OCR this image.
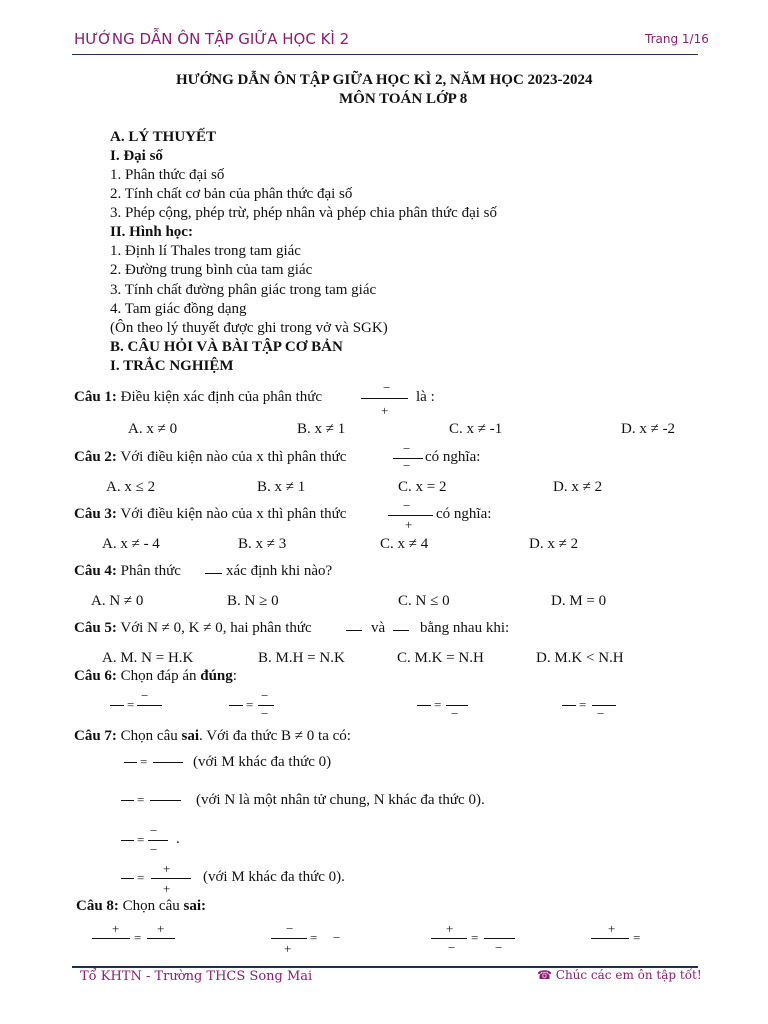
HƯỚNG DẪN ÔN TẬP GIỮA HỌC KÌ 2	Trang 1/16
HƯỚNG DẪN ÔN TẬP GIỮA HỌC KÌ 2, NĂM HỌC 2023-2024
MÔN TOÁN LỚP 8
A. LÝ THUYẾT
I. Đại số
1. Phân thức đại số
2. Tính chất cơ bản của phân thức đại số
3. Phép cộng, phép trừ, phép nhân và phép chia phân thức đại số
II. Hình học:
1. Định lí Thales trong tam giác
2. Đường trung bình của tam giác
3. Tính chất đường phân giác trong tam giác
4. Tam giác đồng dạng
(Ôn theo lý thuyết được ghi trong vở và SGK)
B. CÂU HỎI VÀ BÀI TẬP CƠ BẢN
I. TRẮC NGHIỆM
Câu 1: Điều kiện xác định của phân thức
−
+
là :
A. x ≠ 0	B. x ≠ 1	C. x ≠ -1	D. x ≠ -2
Câu 2: Với điều kiện nào của x thì phân thức
−
−
có nghĩa:
A. x ≤ 2	B. x ≠ 1	C. x = 2	D. x ≠ 2
Câu 3: Với điều kiện nào của x thì phân thức
−
+
có nghĩa:
A. x ≠ - 4	B. x ≠ 3	C. x ≠ 4	D. x ≠ 2
Câu 4: Phân thức	xác định khi nào?
A. N ≠ 0	B. N ≥ 0	C. N ≤ 0	D. M = 0
Câu 5: Với N ≠ 0, K ≠ 0, hai phân thức	và bằng nhau khi:
A. M. N = H.K	B. M.H = N.K	C. M.K = N.H	D. M.K < N.H
Câu 6: Chọn đáp án đúng:
=
−
=
−
−
=
−
=
−
Câu 7: Chọn câu sai. Với đa thức B ≠ 0 ta có:
=	(với M khác đa thức 0)
=	(với N là một nhân tử chung, N khác đa thức 0).
=
−
−
.
=
+
+
(với M khác đa thức 0).
Câu 8: Chọn câu sai:
+
=
+	−
+
= −
+
−
=
−
+
=
Tổ KHTN - Trường THCS Song Mai	☎ Chúc các em ôn tập tốt!
